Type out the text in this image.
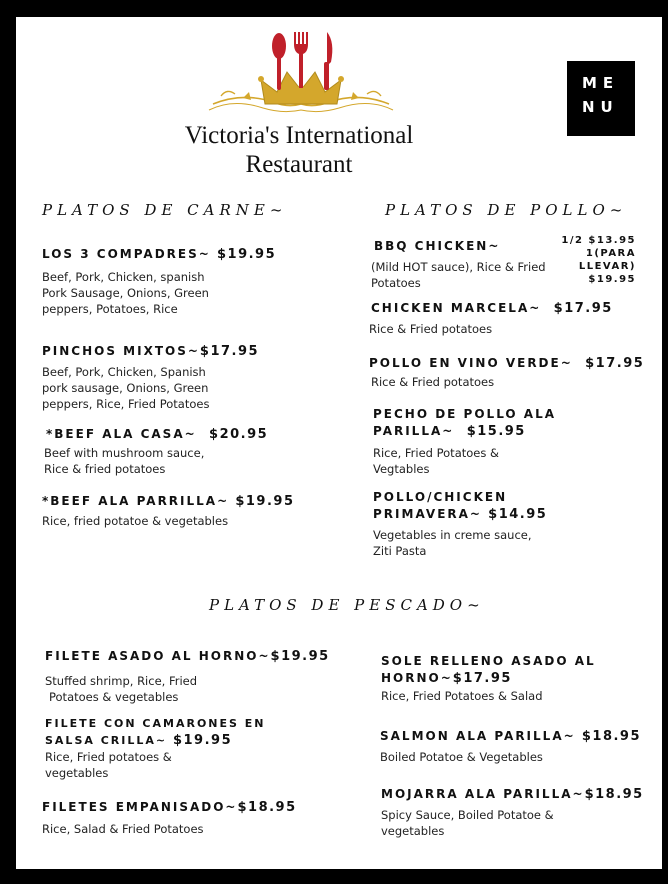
Victoria's International
Restaurant
ME
NU
PLATOS DE CARNE~	PLATOS DE POLLO~
PLATOS DE PESCADO~
LOS 3 COMPADRES~ $19.95
Beef, Pork, Chicken, spanish
Pork Sausage, Onions, Green
peppers, Potatoes, Rice
PINCHOS MIXTOS~$17.95
Beef, Pork, Chicken, Spanish
pork sausage, Onions, Green
peppers, Rice, Fried Potatoes
*BEEF ALA CASA~ $20.95
Beef with mushroom sauce,
Rice & fried potatoes
*BEEF ALA PARRILLA~ $19.95
Rice, fried potatoe & vegetables
BBQ CHICKEN~	1/2 $13.95
1(PARA
LLEVAR)
$19.95
(Mild HOT sauce), Rice & Fried
Potatoes
CHICKEN MARCELA~ $17.95
Rice & Fried potatoes
POLLO EN VINO VERDE~ $17.95
Rice & Fried potatoes
PECHO DE POLLO ALA
PARILLA~ $15.95
Rice, Fried Potatoes &
Vegtables
POLLO/CHICKEN
PRIMAVERA~ $14.95
Vegetables in creme sauce,
Ziti Pasta
FILETE ASADO AL HORNO~$19.95
Stuffed shrimp, Rice, Fried
Potatoes & vegetables
FILETE CON CAMARONES EN
SALSA CRILLA~ $19.95
Rice, Fried potatoes &
vegetables
FILETES EMPANISADO~$18.95
Rice, Salad & Fried Potatoes
SOLE RELLENO ASADO AL
HORNO~$17.95
Rice, Fried Potatoes & Salad
SALMON ALA PARILLA~ $18.95
Boiled Potatoe & Vegetables
MOJARRA ALA PARILLA~$18.95
Spicy Sauce, Boiled Potatoe &
vegetables
